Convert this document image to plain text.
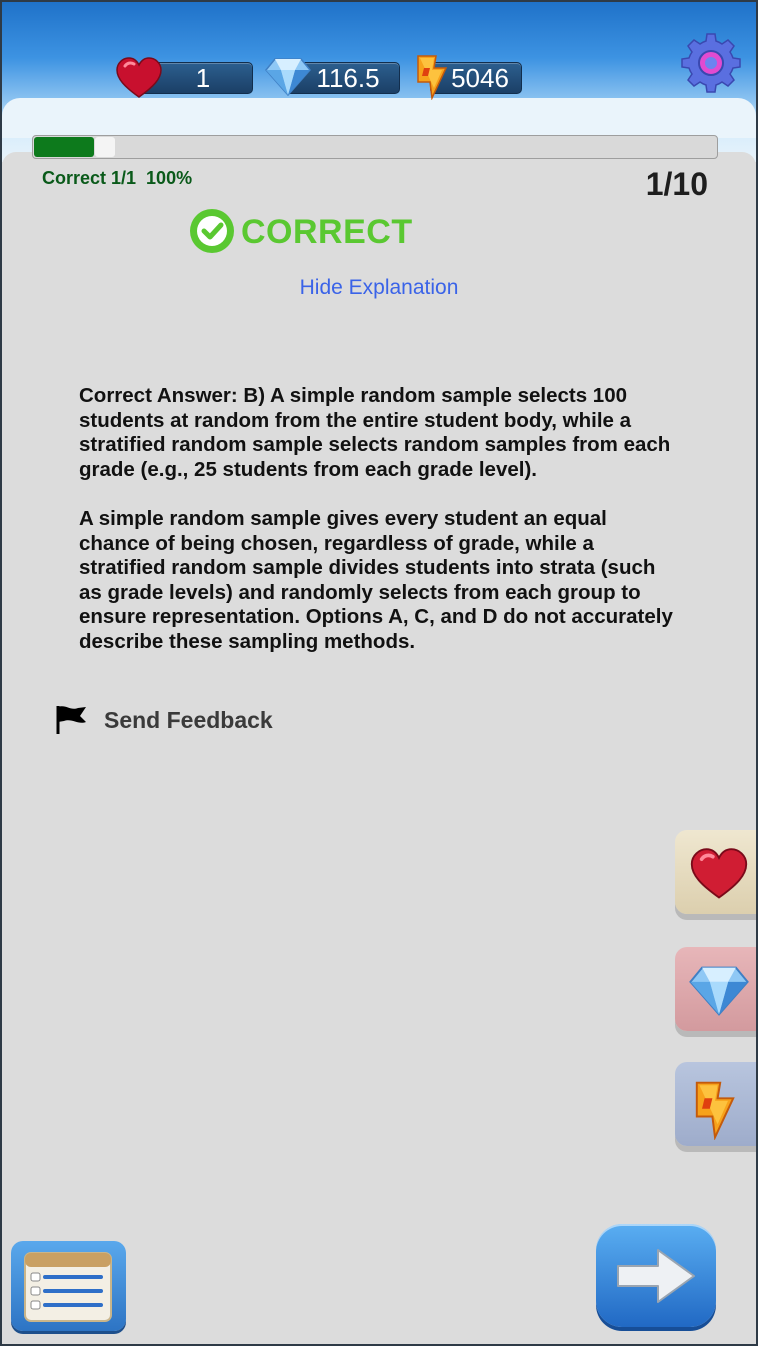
1	116.5	5046
Correct 1/1  100%	1/10
CORRECT
Hide Explanation

Correct Answer: B) A simple random sample selects 100 students at random from the entire student body, while a stratified random sample selects random samples from each grade (e.g., 25 students from each grade level).

A simple random sample gives every student an equal chance of being chosen, regardless of grade, while a stratified random sample divides students into strata (such as grade levels) and randomly selects from each group to ensure representation. Options A, C, and D do not accurately describe these sampling methods.

Send Feedback
